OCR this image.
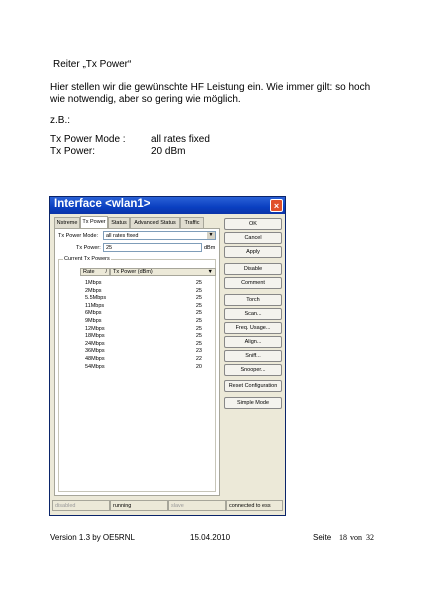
Reiter „Tx Power“
Hier stellen wir die gewünschte HF Leistung ein. Wie immer gilt: so hoch
wie notwendig, aber so gering wie möglich.
z.B.:
Tx Power Mode :	all rates fixed
Tx Power:	20 dBm
Interface <wlan1>	×
Nstreme Tx Power	Status	Advanced Status	Traffic
Tx Power Mode:	all rates fixed	▼
Tx Power: 25	dBm
Current Tx Powers
Rate /	Tx Power (dBm)	▼
1Mbps	25
2Mbps	25
5.5Mbps	25
11Mbps	25
6Mbps	25
9Mbps	25
12Mbps	25
18Mbps	25
24Mbps	25
36Mbps	23
48Mbps	22
54Mbps	20
OK
Cancel
Apply
Disable
Comment
Torch
Scan...
Freq. Usage...
Align...
Sniff...
Snooper...
Reset Configuration
Simple Mode
disabled	running	slave	connected to ess
Version 1.3 by OE5RNL	15.04.2010	Seite 18 von 32
